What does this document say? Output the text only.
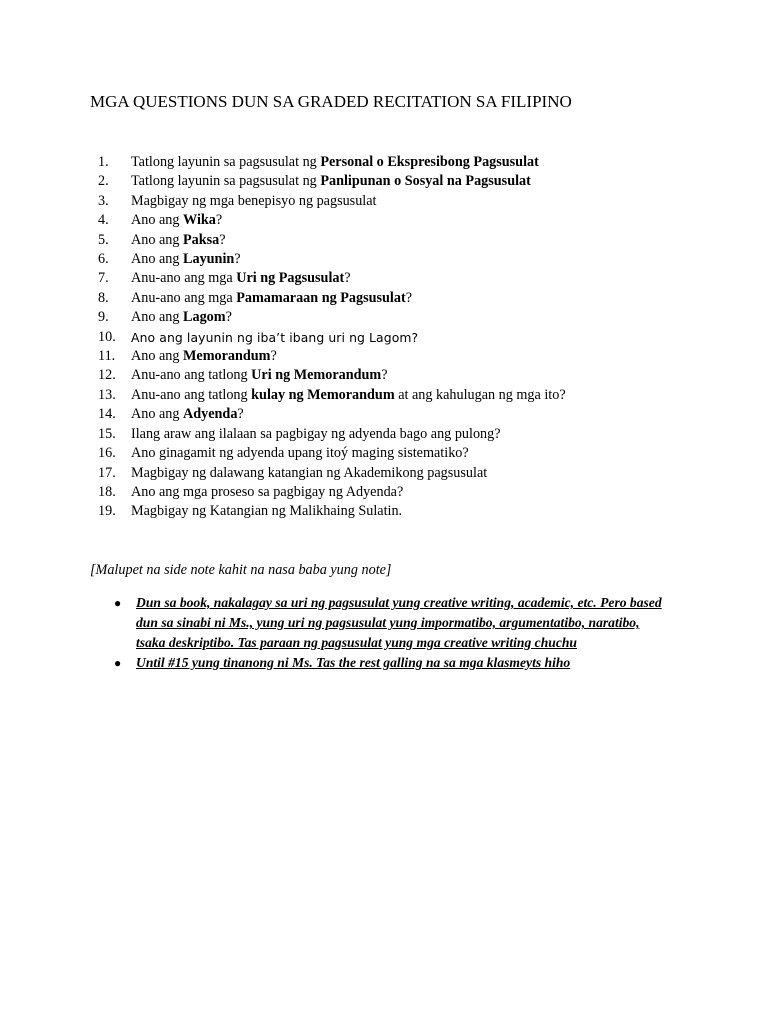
MGA QUESTIONS DUN SA GRADED RECITATION SA FILIPINO
1.	Tatlong layunin sa pagsusulat ng Personal o Ekspresibong Pagsusulat
2.	Tatlong layunin sa pagsusulat ng Panlipunan o Sosyal na Pagsusulat
3.	Magbigay ng mga benepisyo ng pagsusulat
4.	Ano ang Wika?
5.	Ano ang Paksa?
6.	Ano ang Layunin?
7.	Anu-ano ang mga Uri ng Pagsusulat?
8.	Anu-ano ang mga Pamamaraan ng Pagsusulat?
9.	Ano ang Lagom?
10.	Ano ang layunin ng iba’t ibang uri ng Lagom?
11.	Ano ang Memorandum?
12.	Anu-ano ang tatlong Uri ng Memorandum?
13.	Anu-ano ang tatlong kulay ng Memorandum at ang kahulugan ng mga ito?
14.	Ano ang Adyenda?
15.	Ilang araw ang ilalaan sa pagbigay ng adyenda bago ang pulong?
16.	Ano ginagamit ng adyenda upang itoý maging sistematiko?
17.	Magbigay ng dalawang katangian ng Akademikong pagsusulat
18.	Ano ang mga proseso sa pagbigay ng Adyenda?
19.	Magbigay ng Katangian ng Malikhaing Sulatin.

[Malupet na side note kahit na nasa baba yung note]

● Dun sa book, nakalagay sa uri ng pagsusulat yung creative writing, academic, etc. Pero based dun sa sinabi ni Ms., yung uri ng pagsusulat yung impormatibo, argumentatibo, naratibo, tsaka deskriptibo. Tas paraan ng pagsusulat yung mga creative writing chuchu
● Until #15 yung tinanong ni Ms. Tas the rest galling na sa mga klasmeyts hiho
